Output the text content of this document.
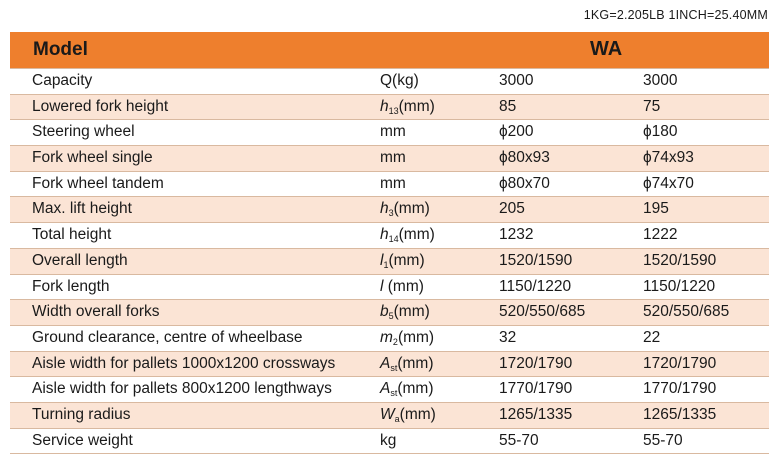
1KG=2.205LB 1INCH=25.40MM
Model	WA
Capacity	Q(kg)	3000	3000
Lowered fork height	$h_{13}(mm)$	85	75
Steering wheel	mm	ϕ200	ϕ180
Fork wheel single	mm	ϕ80x93	ϕ74x93
Fork wheel tandem	mm	ϕ80x70	ϕ74x70
Max. lift height	$h_3(mm)$	205	195
Total height	$h_{14}(mm)$	1232	1222
Overall length	$l_1(mm)$	1520/1590	1520/1590
Fork length	l (mm)	1150/1220	1150/1220
Width overall forks	$b_5(mm)$	520/550/685	520/550/685
Ground clearance, centre of wheelbase	$m_2(mm)$	32	22
Aisle width for pallets 1000x1200 crossways	$A_{st}(mm)$	1720/1790	1720/1790
Aisle width for pallets 800x1200 lengthways	$A_{st}(mm)$	1770/1790	1770/1790
Turning radius	$W_a(mm)$	1265/1335	1265/1335
Service weight	kg	55-70	55-70
